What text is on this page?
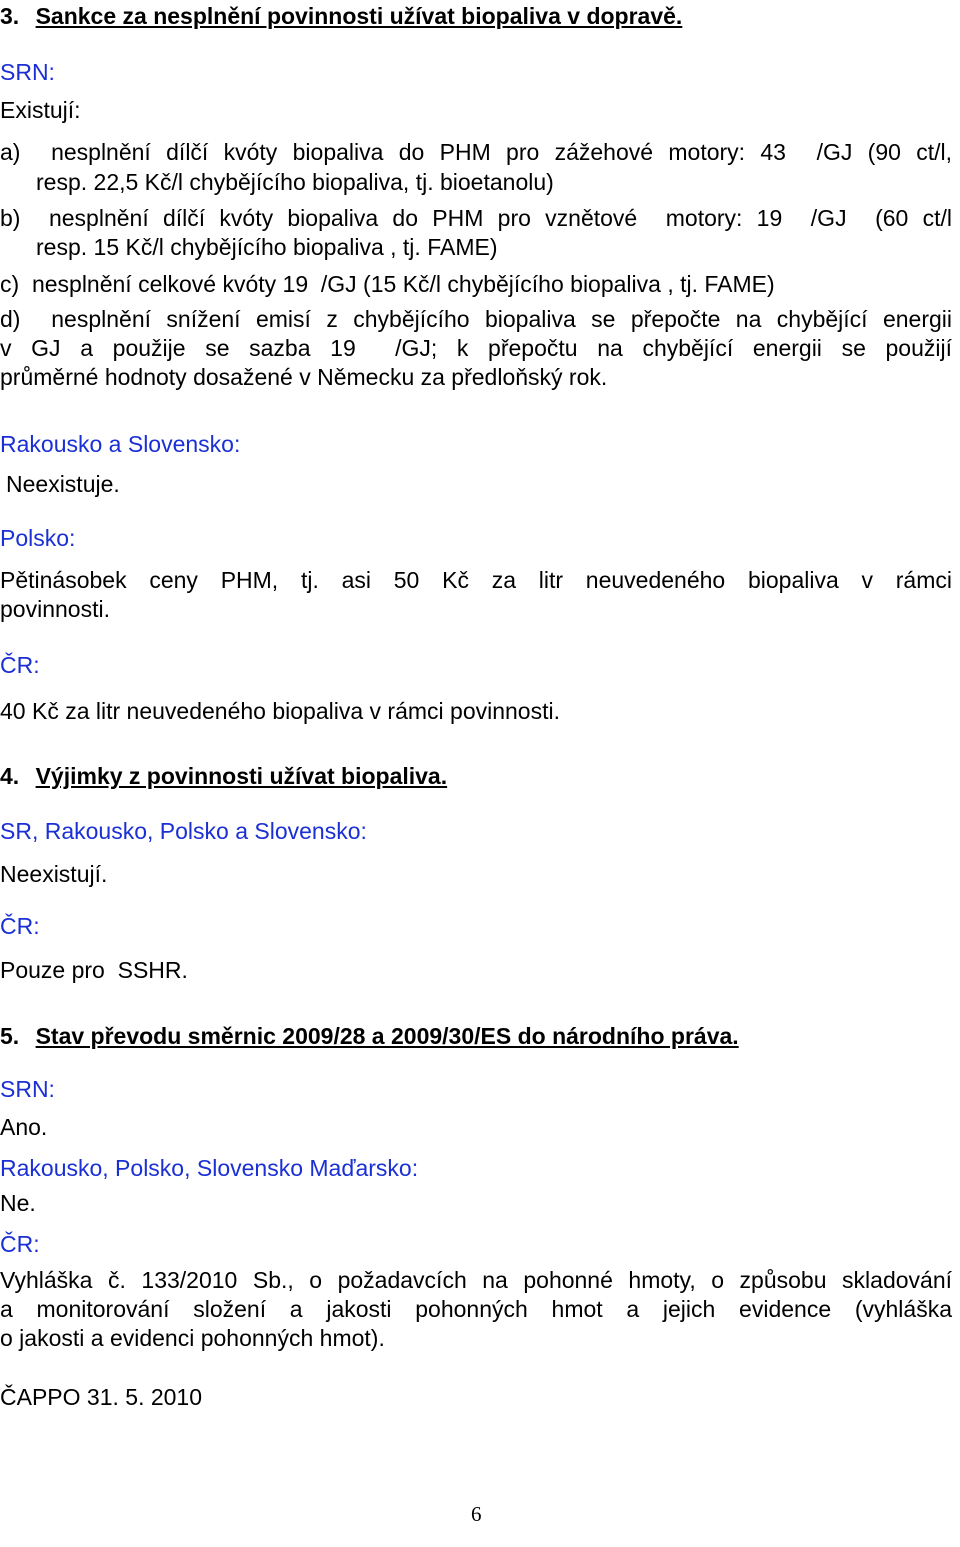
3. Sankce za nesplnění povinnosti užívat biopaliva v dopravě.
SRN:
Existují:
a)  nesplnění dílčí kvóty biopaliva do PHM pro zážehové motory: 43  /GJ (90 ct/l,
resp. 22,5 Kč/l chybějícího biopaliva, tj. bioetanolu)
b)  nesplnění dílčí kvóty biopaliva do PHM pro vznětové  motory: 19  /GJ  (60 ct/l
resp. 15 Kč/l chybějícího biopaliva , tj. FAME)
c)  nesplnění celkové kvóty 19  /GJ (15 Kč/l chybějícího biopaliva , tj. FAME)
d)  nesplnění snížení emisí z chybějícího biopaliva se přepočte na chybějící energii
v GJ a použije se sazba 19  /GJ; k přepočtu na chybějící energii se použijí
průměrné hodnoty dosažené v Německu za předloňský rok.
Rakousko a Slovensko:
Neexistuje.
Polsko:
Pětinásobek ceny PHM, tj. asi 50 Kč za litr neuvedeného biopaliva v rámci
povinnosti.
ČR:
40 Kč za litr neuvedeného biopaliva v rámci povinnosti.
4. Výjimky z povinnosti užívat biopaliva.
SR, Rakousko, Polsko a Slovensko:
Neexistují.
ČR:
Pouze pro  SSHR.
5. Stav převodu směrnic 2009/28 a 2009/30/ES do národního práva.
SRN:
Ano.
Rakousko, Polsko, Slovensko Maďarsko:
Ne.
ČR:
Vyhláška č. 133/2010 Sb., o požadavcích na pohonné hmoty, o způsobu skladování
a monitorování složení a jakosti pohonných hmot a jejich evidence (vyhláška
o jakosti a evidenci pohonných hmot).
ČAPPO 31. 5. 2010
6
